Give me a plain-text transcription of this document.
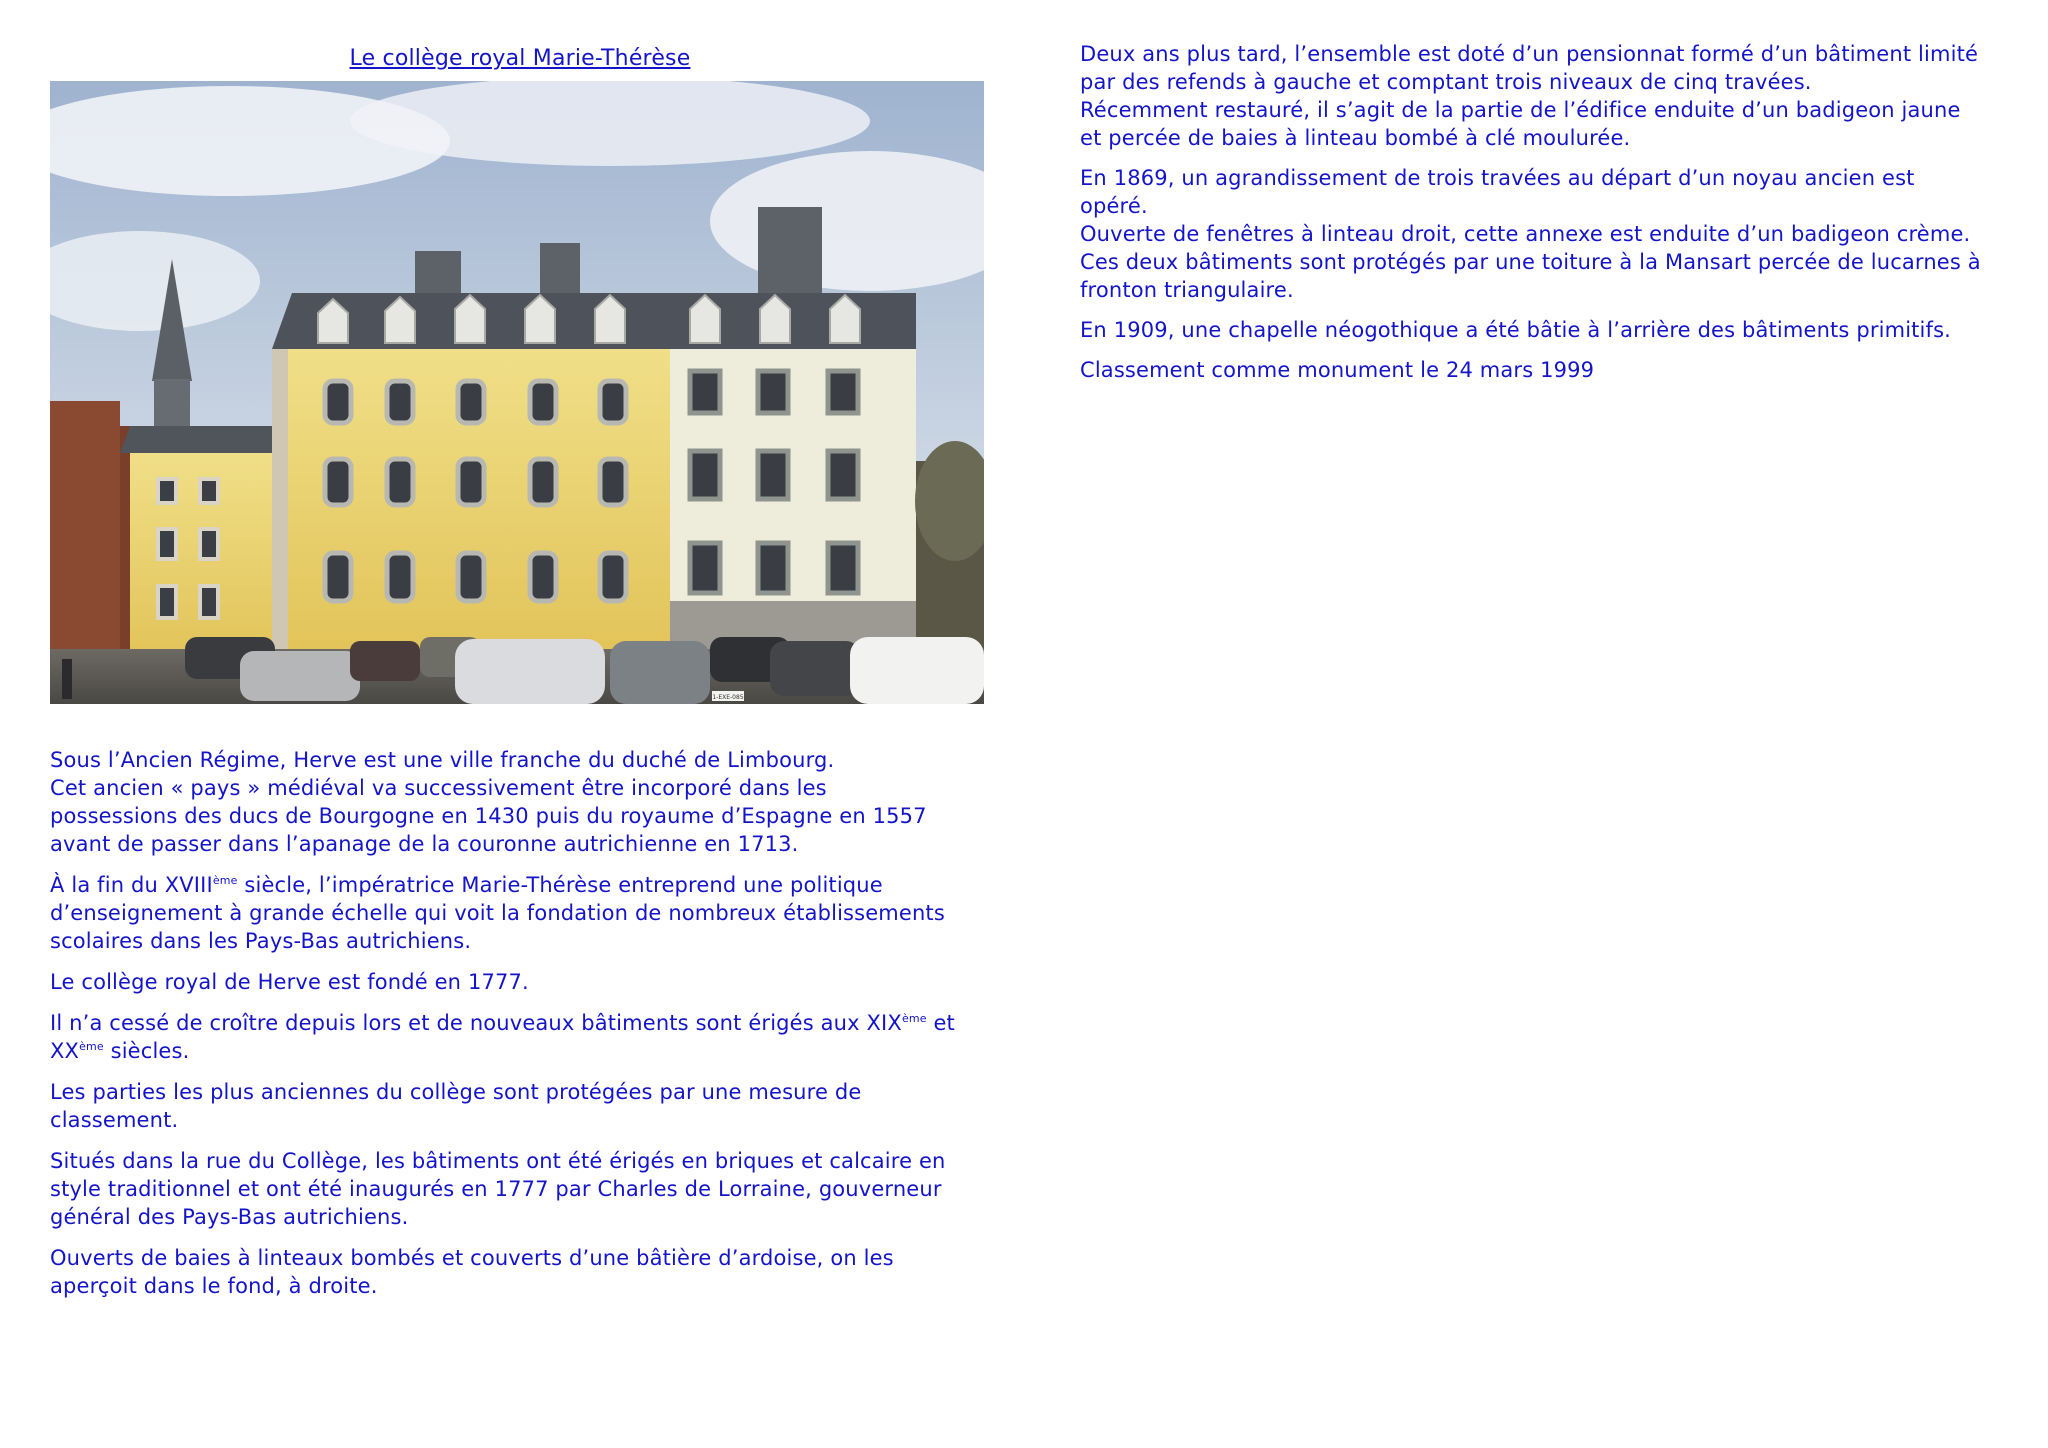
Le collège royal Marie-Thérèse
1-EXE-085

Sous l’Ancien Régime, Herve est une ville franche du duché de Limbourg.
Cet ancien « pays » médiéval va successivement être incorporé dans les
possessions des ducs de Bourgogne en 1430 puis du royaume d’Espagne en 1557
avant de passer dans l’apanage de la couronne autrichienne en 1713.

À la fin du XVIIIème siècle, l’impératrice Marie-Thérèse entreprend une politique
d’enseignement à grande échelle qui voit la fondation de nombreux établissements
scolaires dans les Pays-Bas autrichiens.

Le collège royal de Herve est fondé en 1777.

Il n’a cessé de croître depuis lors et de nouveaux bâtiments sont érigés aux XIXème et
XXème siècles.

Les parties les plus anciennes du collège sont protégées par une mesure de
classement.

Situés dans la rue du Collège, les bâtiments ont été érigés en briques et calcaire en
style traditionnel et ont été inaugurés en 1777 par Charles de Lorraine, gouverneur
général des Pays-Bas autrichiens.

Ouverts de baies à linteaux bombés et couverts d’une bâtière d’ardoise, on les
aperçoit dans le fond, à droite.

Deux ans plus tard, l’ensemble est doté d’un pensionnat formé d’un bâtiment limité
par des refends à gauche et comptant trois niveaux de cinq travées.
Récemment restauré, il s’agit de la partie de l’édifice enduite d’un badigeon jaune
et percée de baies à linteau bombé à clé moulurée.

En 1869, un agrandissement de trois travées au départ d’un noyau ancien est
opéré.
Ouverte de fenêtres à linteau droit, cette annexe est enduite d’un badigeon crème.
Ces deux bâtiments sont protégés par une toiture à la Mansart percée de lucarnes à
fronton triangulaire.

En 1909, une chapelle néogothique a été bâtie à l’arrière des bâtiments primitifs.

Classement comme monument le 24 mars 1999
